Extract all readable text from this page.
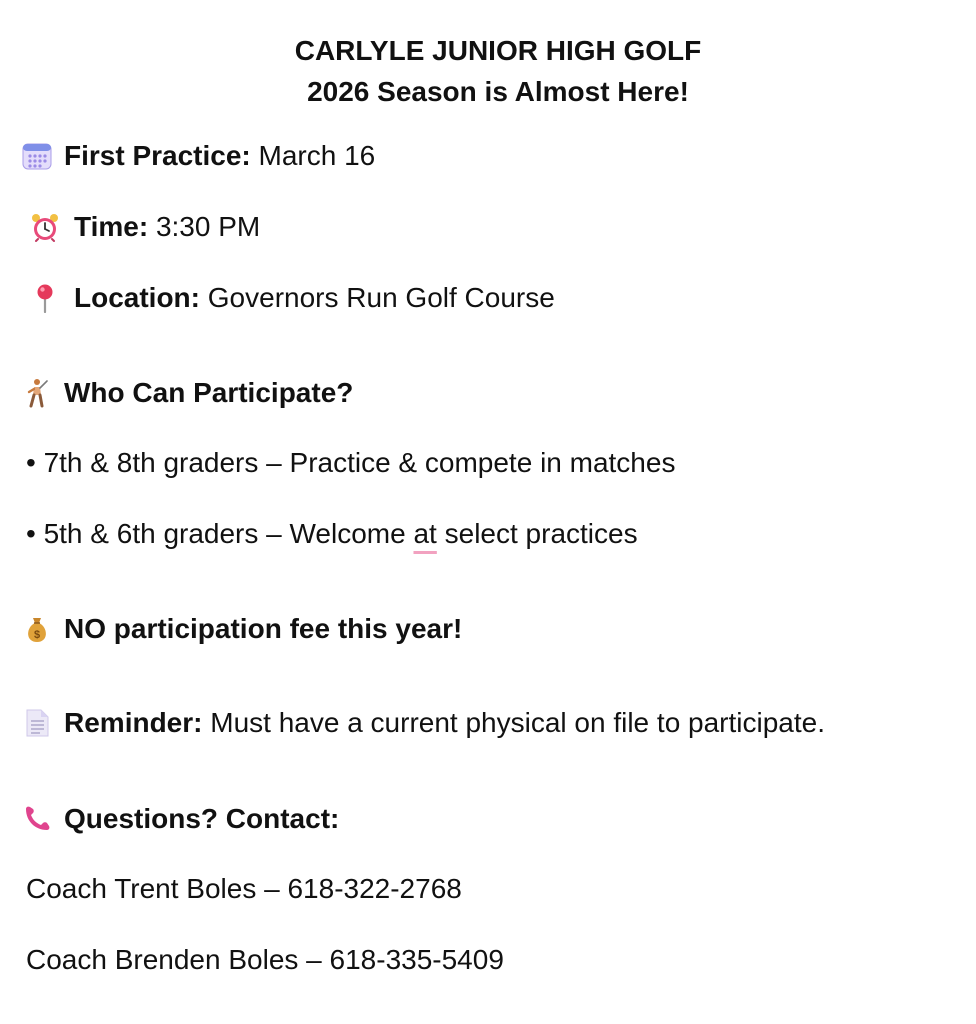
CARLYLE JUNIOR HIGH GOLF
2026 Season is Almost Here!
First Practice: March 16
Time: 3:30 PM
Location: Governors Run Golf Course
Who Can Participate?
• 7th & 8th graders – Practice & compete in matches
• 5th & 6th graders – Welcome at select practices
$ NO participation fee this year!
Reminder: Must have a current physical on file to participate.
Questions? Contact:
Coach Trent Boles – 618-322-2768
Coach Brenden Boles – 618-335-5409
